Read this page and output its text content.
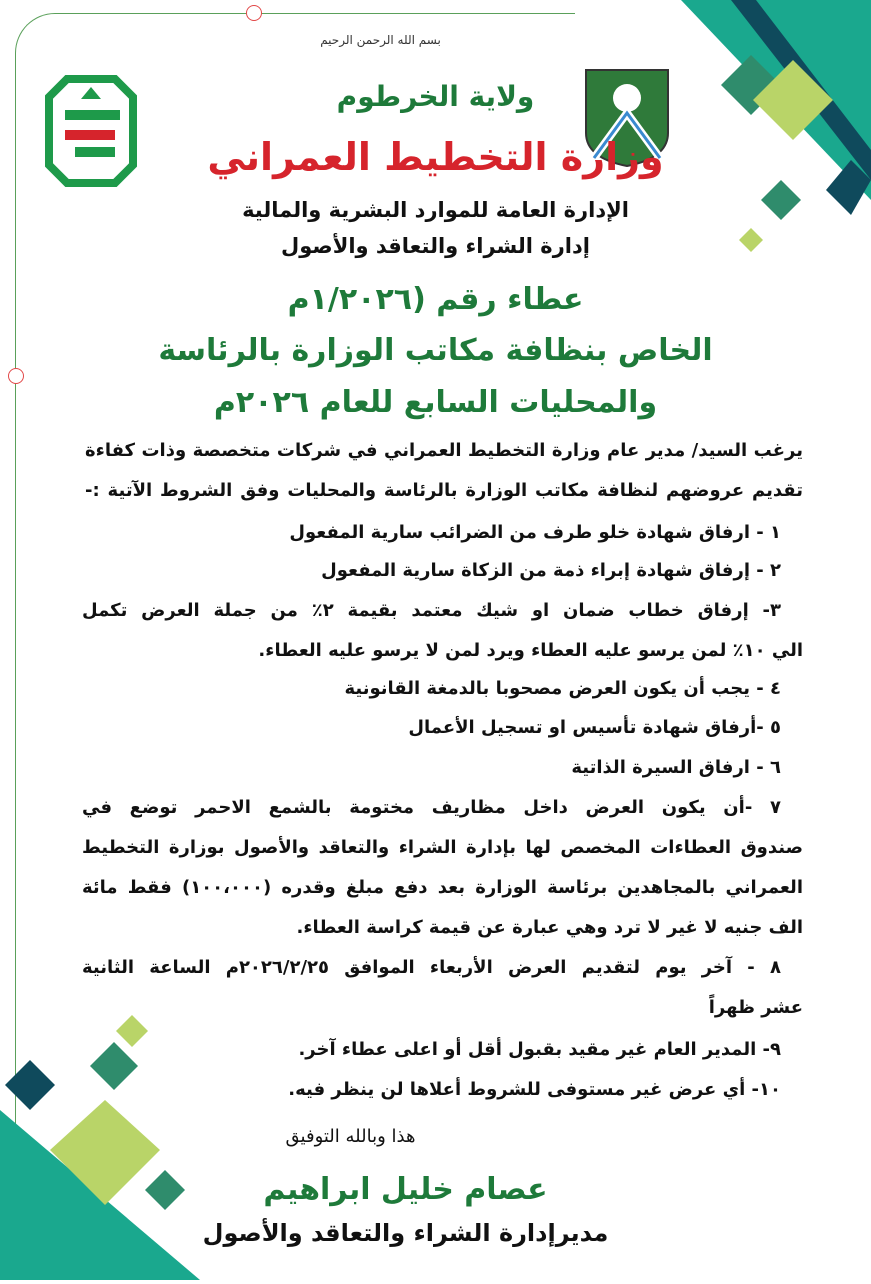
بسم الله الرحمن الرحيم
ولاية الخرطوم
وزارة التخطيط العمراني
الإدارة العامة للموارد البشرية والمالية
إدارة الشراء والتعاقد والأصول
عطاء رقم (١/٢٠٢٦م
الخاص بنظافة مكاتب الوزارة بالرئاسة
والمحليات السابع للعام ٢٠٢٦م
يرغب السيد/ مدير عام وزارة التخطيط العمراني في شركات متخصصة وذات كفاءة
تقديم عروضهم لنظافة مكاتب الوزارة بالرئاسة والمحليات وفق الشروط الآتية :-
١ - ارفاق شهادة خلو طرف من الضرائب سارية المفعول
٢ - إرفاق شهادة إبراء ذمة من الزكاة سارية المفعول
٣- إرفاق خطاب ضمان او شيك معتمد بقيمة ٢٪ من جملة العرض تكمل
الي ١٠٪ لمن يرسو عليه العطاء ويرد لمن لا يرسو عليه العطاء.
٤ - يجب أن يكون العرض مصحوبا بالدمغة القانونية
٥ -أرفاق شهادة تأسيس او تسجيل الأعمال
٦ - ارفاق السيرة الذاتية
٧ -أن يكون العرض داخل مظاريف مختومة بالشمع الاحمر توضع في
صندوق العطاءات المخصص لها بإدارة الشراء والتعاقد والأصول بوزارة التخطيط
العمراني بالمجاهدين برئاسة الوزارة بعد دفع مبلغ وقدره (١٠٠،٠٠٠) فقط مائة
الف جنيه لا غير لا ترد وهي عبارة عن قيمة كراسة العطاء.
٨ - آخر يوم لتقديم العرض الأربعاء الموافق ٢٠٢٦/٢/٢٥م الساعة الثانية
عشر ظهراً
٩- المدير العام غير مقيد بقبول أقل أو اعلى عطاء آخر.
١٠- أي عرض غير مستوفى للشروط أعلاها لن ينظر فيه.
هذا وبالله التوفيق
عصام خليل ابراهيم
مديرإدارة الشراء والتعاقد والأصول
